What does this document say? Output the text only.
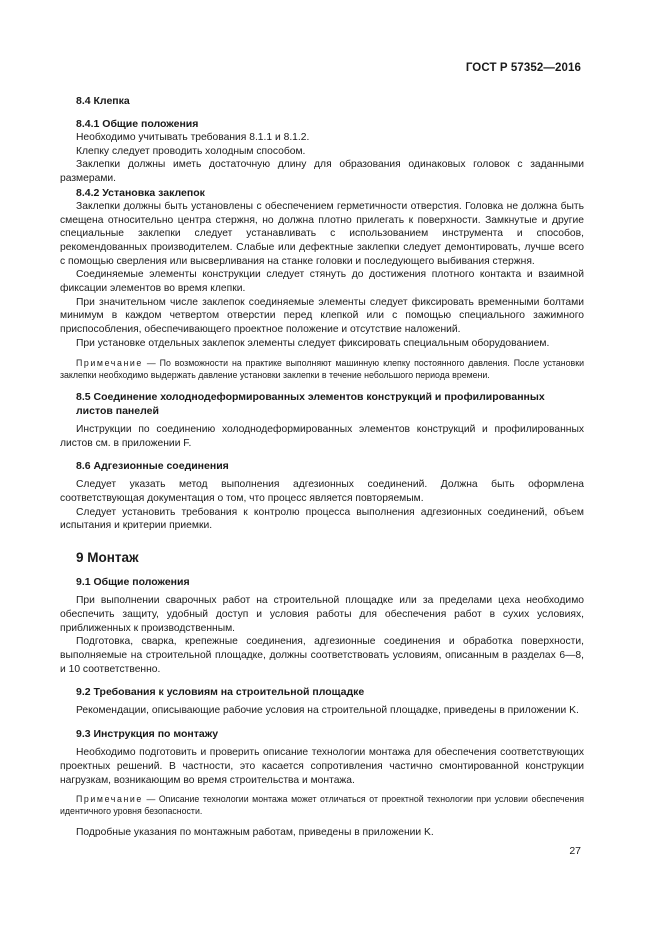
ГОСТ Р 57352—2016
8.4 Клепка
8.4.1 Общие положения
Необходимо учитывать требования 8.1.1 и 8.1.2.
Клепку следует проводить холодным способом.
Заклепки должны иметь достаточную длину для образования одинаковых головок с заданными размерами.
8.4.2 Установка заклепок
Заклепки должны быть установлены с обеспечением герметичности отверстия. Головка не должна быть смещена относительно центра стержня, но должна плотно прилегать к поверхности. Замкнутые и другие специальные заклепки следует устанавливать с использованием инструмента и способов, рекомендованных производителем. Слабые или дефектные заклепки следует демонтировать, лучше всего с помощью сверления или высверливания на станке головки и последующего выбивания стержня.
Соединяемые элементы конструкции следует стянуть до достижения плотного контакта и взаимной фиксации элементов во время клепки.
При значительном числе заклепок соединяемые элементы следует фиксировать временными болтами минимум в каждом четвертом отверстии перед клепкой или с помощью специального зажимного приспособления, обеспечивающего проектное положение и отсутствие наложений.
При установке отдельных заклепок элементы следует фиксировать специальным оборудованием.
Примечание — По возможности на практике выполняют машинную клепку постоянного давления. После установки заклепки необходимо выдержать давление установки заклепки в течение небольшого периода времени.
8.5 Соединение холоднодеформированных элементов конструкций и профилированных листов панелей
Инструкции по соединению холоднодеформированных элементов конструкций и профилированных листов см. в приложении F.
8.6 Адгезионные соединения
Следует указать метод выполнения адгезионных соединений. Должна быть оформлена соответствующая документация о том, что процесс является повторяемым.
Следует установить требования к контролю процесса выполнения адгезионных соединений, объем испытания и критерии приемки.
9 Монтаж
9.1 Общие положения
При выполнении сварочных работ на строительной площадке или за пределами цеха необходимо обеспечить защиту, удобный доступ и условия работы для обеспечения работ в сухих условиях, приближенных к производственным.
Подготовка, сварка, крепежные соединения, адгезионные соединения и обработка поверхности, выполняемые на строительной площадке, должны соответствовать условиям, описанным в разделах 6—8, и 10 соответственно.
9.2 Требования к условиям на строительной площадке
Рекомендации, описывающие рабочие условия на строительной площадке, приведены в приложении K.
9.3 Инструкция по монтажу
Необходимо подготовить и проверить описание технологии монтажа для обеспечения соответствующих проектных решений. В частности, это касается сопротивления частично смонтированной конструкции нагрузкам, возникающим во время строительства и монтажа.
Примечание — Описание технологии монтажа может отличаться от проектной технологии при условии обеспечения идентичного уровня безопасности.
Подробные указания по монтажным работам, приведены в приложении K.
27
